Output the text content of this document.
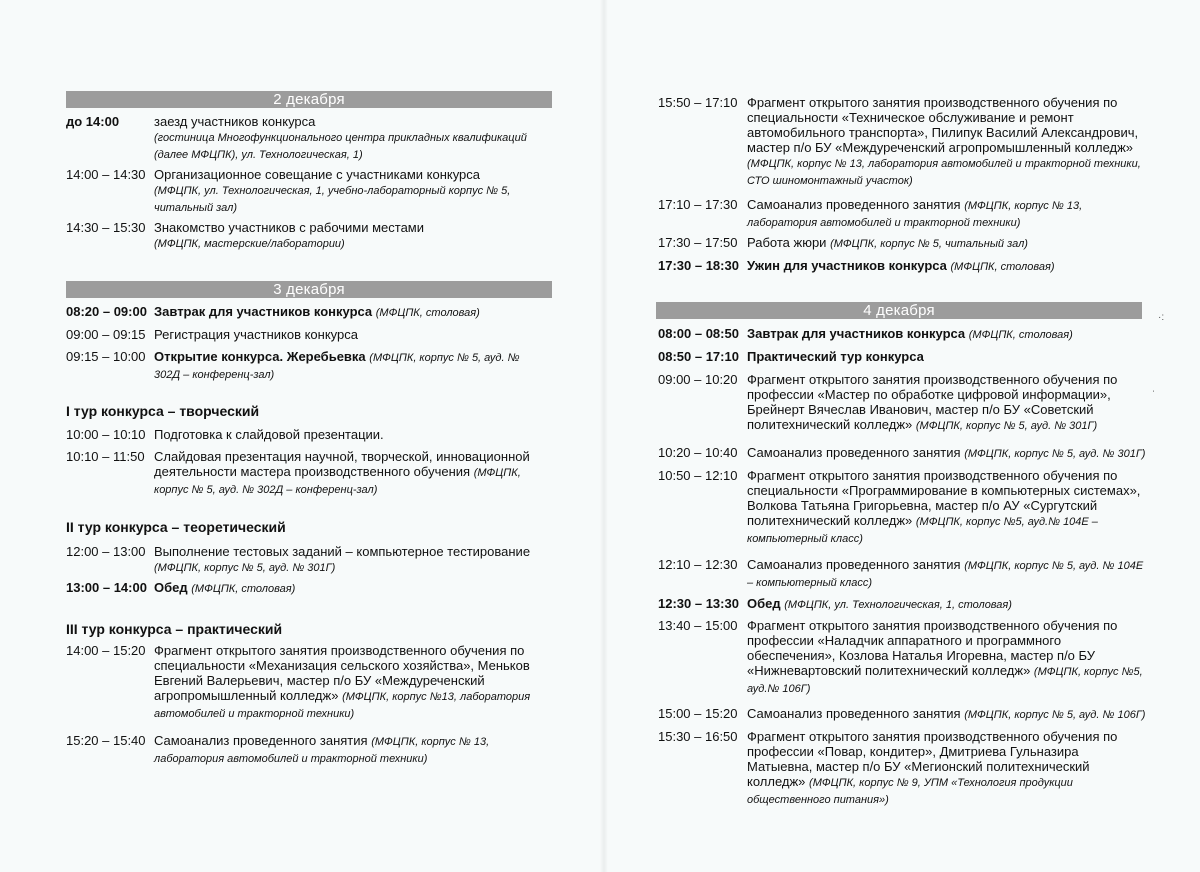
2 декабря
до 14:00	заезд участников конкурса
(гостиница Многофункционального центра прикладных квалификаций (далее МФЦПК), ул. Технологическая, 1)
14:00 – 14:30 Организационное совещание с участниками конкурса
(МФЦПК, ул. Технологическая, 1, учебно-лабораторный корпус № 5, читальный зал)
14:30 – 15:30 Знакомство участников с рабочими местами
(МФЦПК, мастерские/лаборатории)
3 декабря
08:20 – 09:00 Завтрак для участников конкурса (МФЦПК, столовая)
09:00 – 09:15 Регистрация участников конкурса
09:15 – 10:00 Открытие конкурса. Жеребьевка (МФЦПК, корпус № 5, ауд. № 302Д – конференц-зал)
I тур конкурса – творческий
10:00 – 10:10 Подготовка к слайдовой презентации.
10:10 – 11:50 Слайдовая презентация научной, творческой, инновационной деятельности мастера производственного обучения (МФЦПК, корпус № 5, ауд. № 302Д – конференц-зал)
II тур конкурса – теоретический
12:00 – 13:00 Выполнение тестовых заданий – компьютерное тестирование
(МФЦПК, корпус № 5, ауд. № 301Г)
13:00 – 14:00 Обед (МФЦПК, столовая)
III тур конкурса – практический
14:00 – 15:20 Фрагмент открытого занятия производственного обучения по специальности «Механизация сельского хозяйства», Меньков Евгений Валерьевич, мастер п/о БУ «Междуреченский агропромышленный колледж» (МФЦПК, корпус №13, лаборатория автомобилей и тракторной техники)
15:20 – 15:40 Самоанализ проведенного занятия (МФЦПК, корпус № 13, лаборатория автомобилей и тракторной техники)
15:50 – 17:10 Фрагмент открытого занятия производственного обучения по специальности «Техническое обслуживание и ремонт автомобильного транспорта», Пилипук Василий Александрович, мастер п/о БУ «Междуреченский агропромышленный колледж» (МФЦПК, корпус № 13, лаборатория автомобилей и тракторной техники, СТО шиномонтажный участок)
17:10 – 17:30 Самоанализ проведенного занятия (МФЦПК, корпус № 13, лаборатория автомобилей и тракторной техники)
17:30 – 17:50 Работа жюри (МФЦПК, корпус № 5, читальный зал)
17:30 – 18:30 Ужин для участников конкурса (МФЦПК, столовая)
4 декабря
08:00 – 08:50 Завтрак для участников конкурса (МФЦПК, столовая)
08:50 – 17:10 Практический тур конкурса
09:00 – 10:20 Фрагмент открытого занятия производственного обучения по профессии «Мастер по обработке цифровой информации», Брейнерт Вячеслав Иванович, мастер п/о БУ «Советский политехнический колледж» (МФЦПК, корпус № 5, ауд. № 301Г)
10:20 – 10:40 Самоанализ проведенного занятия (МФЦПК, корпус № 5, ауд. № 301Г)
10:50 – 12:10 Фрагмент открытого занятия производственного обучения по специальности «Программирование в компьютерных системах», Волкова Татьяна Григорьевна, мастер п/о АУ «Сургутский политехнический колледж» (МФЦПК, корпус №5, ауд.№ 104Е – компьютерный класс)
12:10 – 12:30 Самоанализ проведенного занятия (МФЦПК, корпус № 5, ауд. № 104Е – компьютерный класс)
12:30 – 13:30 Обед (МФЦПК, ул. Технологическая, 1, столовая)
13:40 – 15:00 Фрагмент открытого занятия производственного обучения по профессии «Наладчик аппаратного и программного обеспечения», Козлова Наталья Игоревна, мастер п/о БУ «Нижневартовский политехнический колледж» (МФЦПК, корпус №5, ауд.№ 106Г)
15:00 – 15:20 Самоанализ проведенного занятия (МФЦПК, корпус № 5, ауд. № 106Г)
15:30 – 16:50 Фрагмент открытого занятия производственного обучения по профессии «Повар, кондитер», Дмитриева Гульназира Матыевна, мастер п/о БУ «Мегионский политехнический колледж» (МФЦПК, корпус № 9, УПМ «Технология продукции общественного питания»)
·:
ˈ
